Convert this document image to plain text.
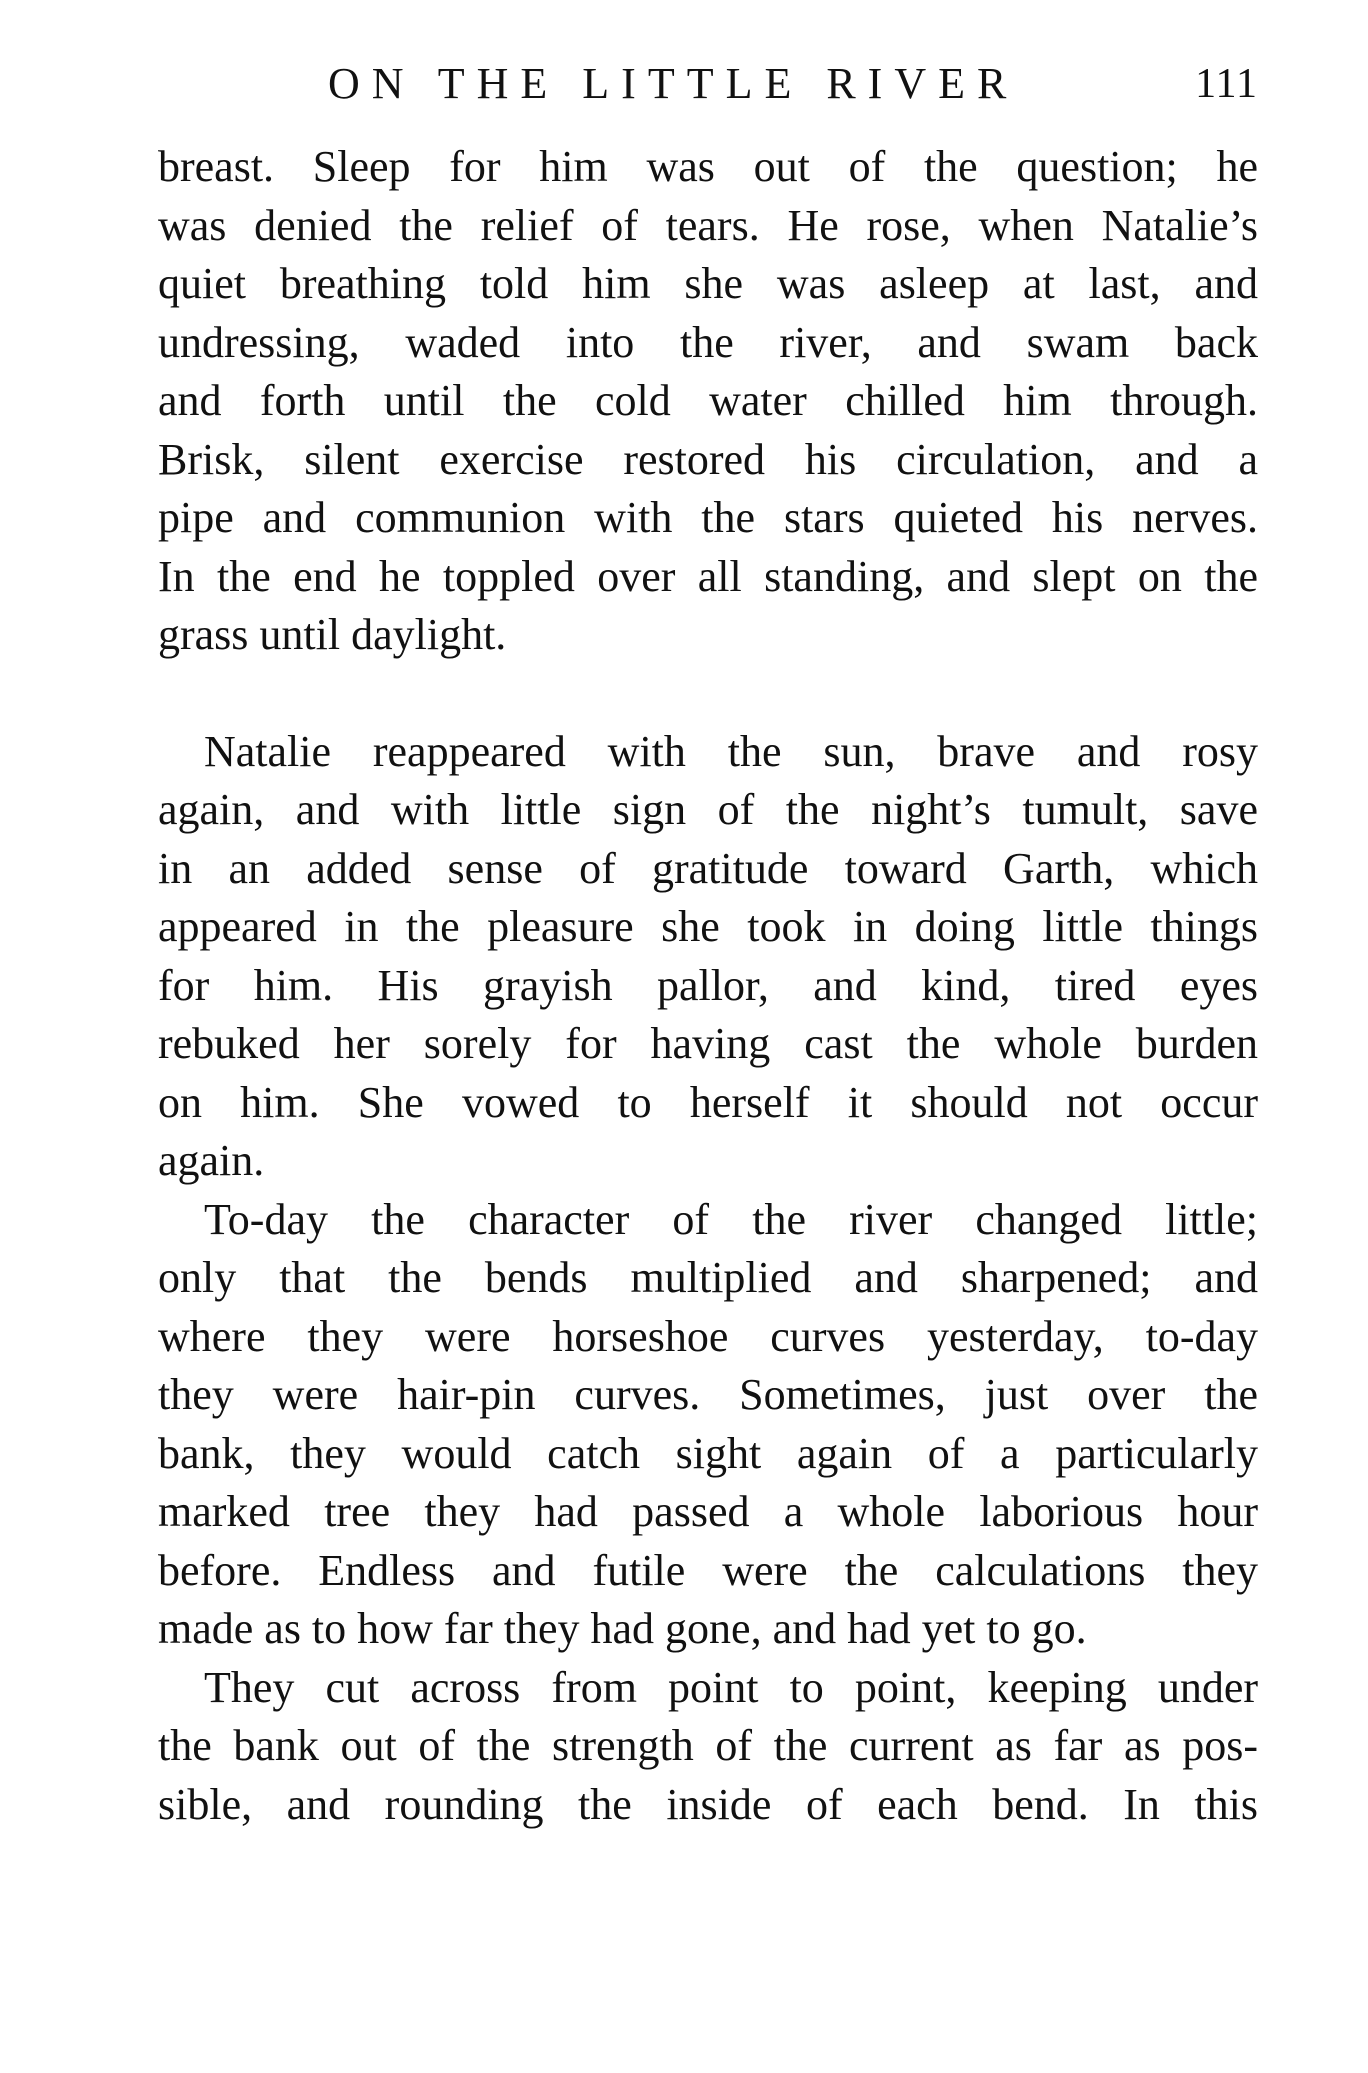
ON THE LITTLE RIVER	111
breast. Sleep for him was out of the question; he
was denied the relief of tears. He rose, when Natalie’s
quiet breathing told him she was asleep at last, and
undressing, waded into the river, and swam back
and forth until the cold water chilled him through.
Brisk, silent exercise restored his circulation, and a
pipe and communion with the stars quieted his nerves.
In the end he toppled over all standing, and slept on the
grass until daylight.
Natalie reappeared with the sun, brave and rosy
again, and with little sign of the night’s tumult, save
in an added sense of gratitude toward Garth, which
appeared in the pleasure she took in doing little things
for him. His grayish pallor, and kind, tired eyes
rebuked her sorely for having cast the whole burden
on him. She vowed to herself it should not occur
again.
To-day the character of the river changed little;
only that the bends multiplied and sharpened; and
where they were horseshoe curves yesterday, to-day
they were hair-pin curves. Sometimes, just over the
bank, they would catch sight again of a particularly
marked tree they had passed a whole laborious hour
before. Endless and futile were the calculations they
made as to how far they had gone, and had yet to go.
They cut across from point to point, keeping under
the bank out of the strength of the current as far as pos-
sible, and rounding the inside of each bend. In this
